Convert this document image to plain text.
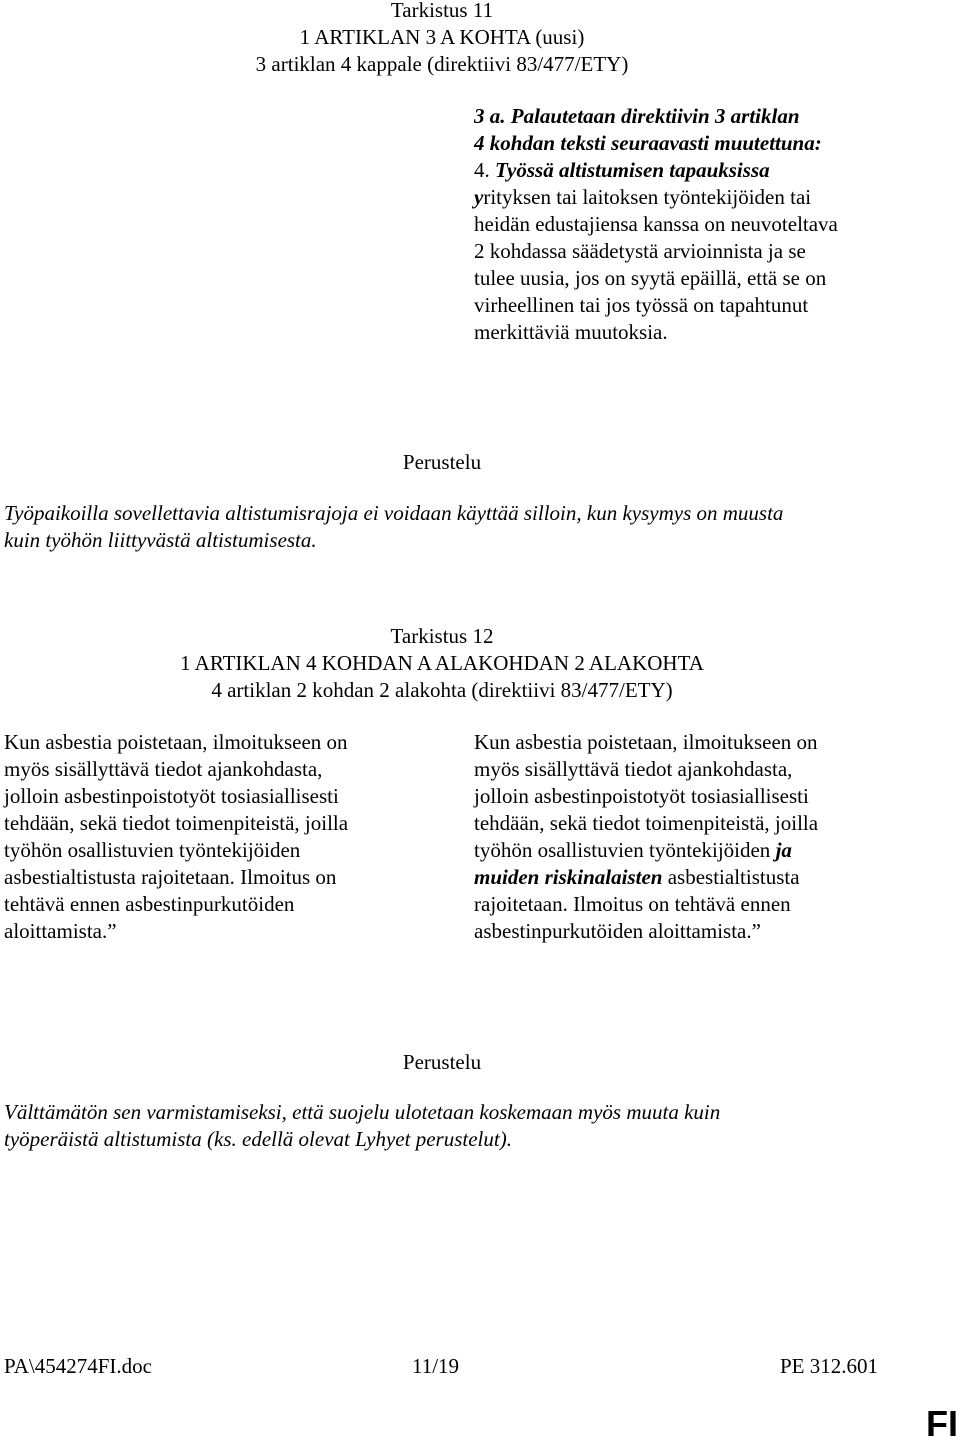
Tarkistus 11
1 ARTIKLAN 3 A KOHTA (uusi)
3 artiklan 4 kappale (direktiivi 83/477/ETY)
3 a. Palautetaan direktiivin 3 artiklan
4 kohdan teksti seuraavasti muutettuna:
4. Työssä altistumisen tapauksissa
yrityksen tai laitoksen työntekijöiden tai
heidän edustajiensa kanssa on neuvoteltava
2 kohdassa säädetystä arvioinnista ja se
tulee uusia, jos on syytä epäillä, että se on
virheellinen tai jos työssä on tapahtunut
merkittäviä muutoksia.
Perustelu
Työpaikoilla sovellettavia altistumisrajoja ei voidaan käyttää silloin, kun kysymys on muusta
kuin työhön liittyvästä altistumisesta.
Tarkistus 12
1 ARTIKLAN 4 KOHDAN A ALAKOHDAN 2 ALAKOHTA
4 artiklan 2 kohdan 2 alakohta (direktiivi 83/477/ETY)
Kun asbestia poistetaan, ilmoitukseen on
myös sisällyttävä tiedot ajankohdasta,
jolloin asbestinpoistotyöt tosiasiallisesti
tehdään, sekä tiedot toimenpiteistä, joilla
työhön osallistuvien työntekijöiden
asbestialtistusta rajoitetaan. Ilmoitus on
tehtävä ennen asbestinpurkutöiden
aloittamista.”
Kun asbestia poistetaan, ilmoitukseen on
myös sisällyttävä tiedot ajankohdasta,
jolloin asbestinpoistotyöt tosiasiallisesti
tehdään, sekä tiedot toimenpiteistä, joilla
työhön osallistuvien työntekijöiden ja
muiden riskinalaisten asbestialtistusta
rajoitetaan. Ilmoitus on tehtävä ennen
asbestinpurkutöiden aloittamista.”
Perustelu
Välttämätön sen varmistamiseksi, että suojelu ulotetaan koskemaan myös muuta kuin
työperäistä altistumista (ks. edellä olevat Lyhyet perustelut).
PA\454274FI.doc	11/19	PE 312.601
FI
